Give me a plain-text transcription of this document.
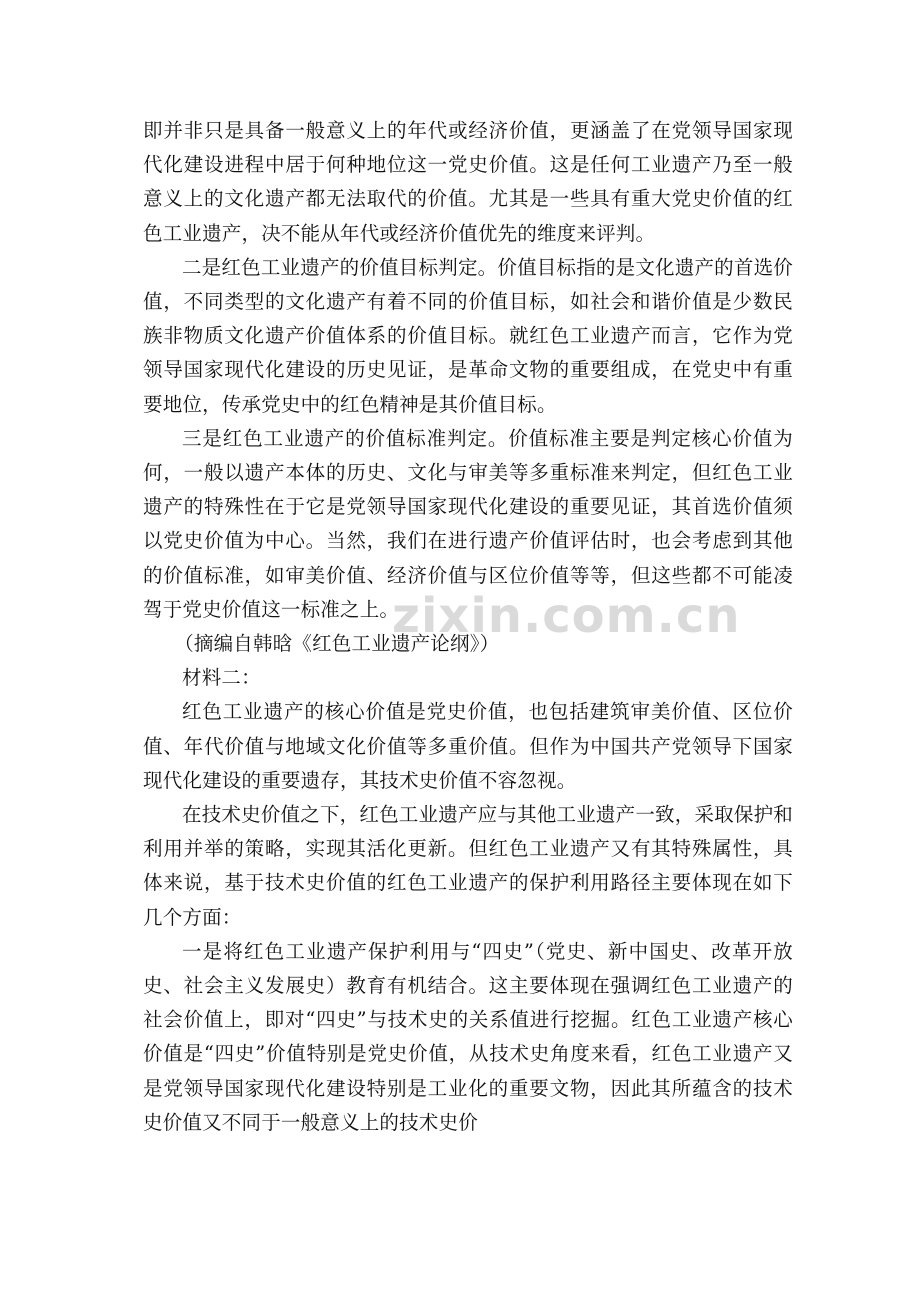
即并非只是具备一般意义上的年代或经济价值，更涵盖了在党领导国家现代化建设进程中居于何种地位这一党史价值。这是任何工业遗产乃至一般意义上的文化遗产都无法取代的价值。尤其是一些具有重大党史价值的红色工业遗产，决不能从年代或经济价值优先的维度来评判。

二是红色工业遗产的价值目标判定。价值目标指的是文化遗产的首选价值，不同类型的文化遗产有着不同的价值目标，如社会和谐价值是少数民族非物质文化遗产价值体系的价值目标。就红色工业遗产而言，它作为党领导国家现代化建设的历史见证，是革命文物的重要组成，在党史中有重要地位，传承党史中的红色精神是其价值目标。

三是红色工业遗产的价值标准判定。价值标准主要是判定核心价值为何，一般以遗产本体的历史、文化与审美等多重标准来判定，但红色工业遗产的特殊性在于它是党领导国家现代化建设的重要见证，其首选价值须以党史价值为中心。当然，我们在进行遗产价值评估时，也会考虑到其他的价值标准，如审美价值、经济价值与区位价值等等，但这些都不可能凌驾于党史价值这一标准之上。

（摘编自韩晗《红色工业遗产论纲》）

材料二：

红色工业遗产的核心价值是党史价值，也包括建筑审美价值、区位价值、年代价值与地域文化价值等多重价值。但作为中国共产党领导下国家现代化建设的重要遗存，其技术史价值不容忽视。

在技术史价值之下，红色工业遗产应与其他工业遗产一致，采取保护和利用并举的策略，实现其活化更新。但红色工业遗产又有其特殊属性，具体来说，基于技术史价值的红色工业遗产的保护利用路径主要体现在如下几个方面：

一是将红色工业遗产保护利用与“四史”（党史、新中国史、改革开放史、社会主义发展史）教育有机结合。这主要体现在强调红色工业遗产的社会价值上，即对“四史”与技术史的关系值进行挖掘。红色工业遗产核心价值是“四史”价值特别是党史价值，从技术史角度来看，红色工业遗产又是党领导国家现代化建设特别是工业化的重要文物，因此其所蕴含的技术史价值又不同于一般意义上的技术史价

zixin.com.cn
